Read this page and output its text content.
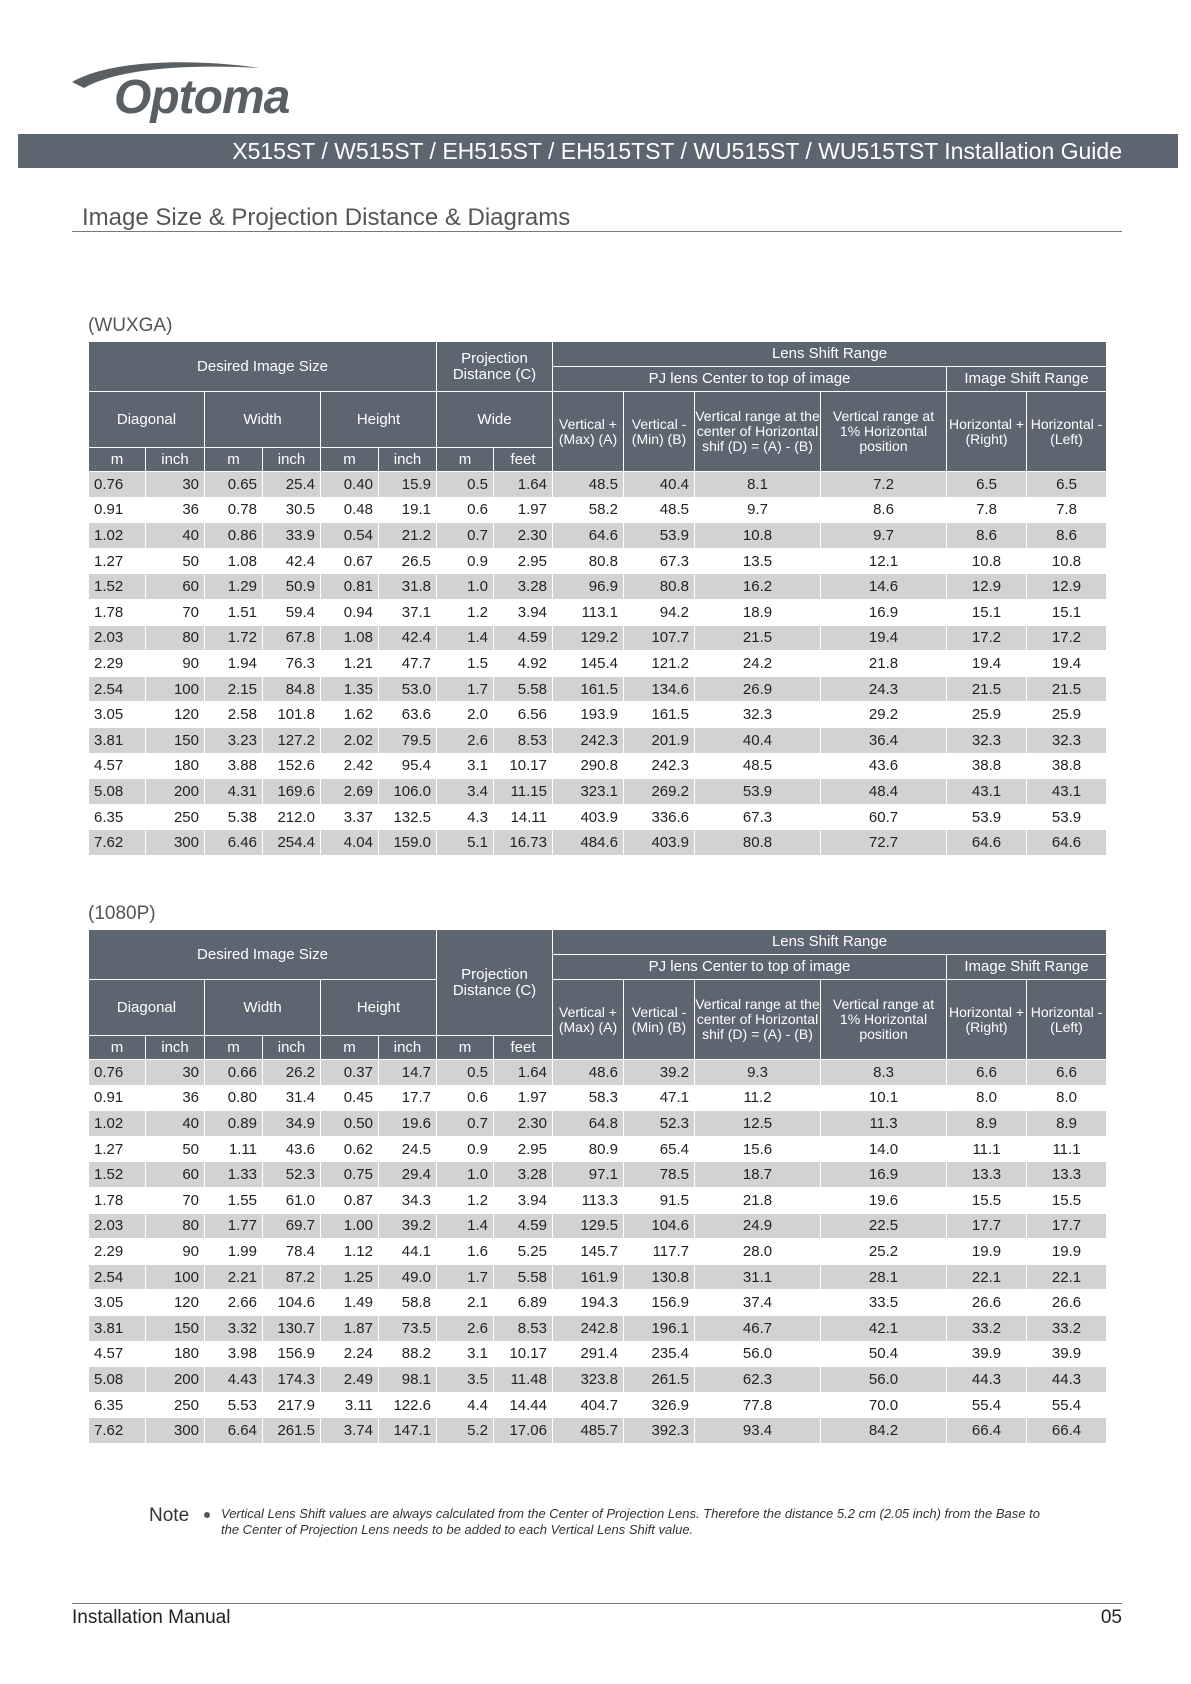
Optoma
X515ST / W515ST / EH515ST / EH515TST / WU515ST / WU515TST Installation Guide
Image Size & Projection Distance & Diagrams
(WUXGA)
Desired Image Size						Projection Distance (C)		Lens Shift Range					
								PJ lens Center to top of image				Image Shift Range	
Diagonal		Width		Height		Wide		Vertical + (Max) (A)	Vertical - (Min) (B)	Vertical range at the center of Horizontal shif (D) = (A) - (B)	Vertical range at 1% Horizontal position	Horizontal +(Right)	Horizontal -(Left)
m	inch	m	inch	m	inch	m	feet						
0.76	30	0.65	25.4	0.40	15.9	0.5	1.64	48.5	40.4	8.1	7.2	6.5	6.5
0.91	36	0.78	30.5	0.48	19.1	0.6	1.97	58.2	48.5	9.7	8.6	7.8	7.8
1.02	40	0.86	33.9	0.54	21.2	0.7	2.30	64.6	53.9	10.8	9.7	8.6	8.6
1.27	50	1.08	42.4	0.67	26.5	0.9	2.95	80.8	67.3	13.5	12.1	10.8	10.8
1.52	60	1.29	50.9	0.81	31.8	1.0	3.28	96.9	80.8	16.2	14.6	12.9	12.9
1.78	70	1.51	59.4	0.94	37.1	1.2	3.94	113.1	94.2	18.9	16.9	15.1	15.1
2.03	80	1.72	67.8	1.08	42.4	1.4	4.59	129.2	107.7	21.5	19.4	17.2	17.2
2.29	90	1.94	76.3	1.21	47.7	1.5	4.92	145.4	121.2	24.2	21.8	19.4	19.4
2.54	100	2.15	84.8	1.35	53.0	1.7	5.58	161.5	134.6	26.9	24.3	21.5	21.5
3.05	120	2.58	101.8	1.62	63.6	2.0	6.56	193.9	161.5	32.3	29.2	25.9	25.9
3.81	150	3.23	127.2	2.02	79.5	2.6	8.53	242.3	201.9	40.4	36.4	32.3	32.3
4.57	180	3.88	152.6	2.42	95.4	3.1	10.17	290.8	242.3	48.5	43.6	38.8	38.8
5.08	200	4.31	169.6	2.69	106.0	3.4	11.15	323.1	269.2	53.9	48.4	43.1	43.1
6.35	250	5.38	212.0	3.37	132.5	4.3	14.11	403.9	336.6	67.3	60.7	53.9	53.9
7.62	300	6.46	254.4	4.04	159.0	5.1	16.73	484.6	403.9	80.8	72.7	64.6	64.6
(1080P)
Desired Image Size						Projection Distance (C)		Lens Shift Range					
								PJ lens Center to top of image				Image Shift Range	
Diagonal		Width		Height				Vertical + (Max) (A)	Vertical - (Min) (B)	Vertical range at the center of Horizontal shif (D) = (A) - (B)	Vertical range at 1% Horizontal position	Horizontal +(Right)	Horizontal -(Left)
m	inch	m	inch	m	inch	m	feet						
0.76	30	0.66	26.2	0.37	14.7	0.5	1.64	48.6	39.2	9.3	8.3	6.6	6.6
0.91	36	0.80	31.4	0.45	17.7	0.6	1.97	58.3	47.1	11.2	10.1	8.0	8.0
1.02	40	0.89	34.9	0.50	19.6	0.7	2.30	64.8	52.3	12.5	11.3	8.9	8.9
1.27	50	1.11	43.6	0.62	24.5	0.9	2.95	80.9	65.4	15.6	14.0	11.1	11.1
1.52	60	1.33	52.3	0.75	29.4	1.0	3.28	97.1	78.5	18.7	16.9	13.3	13.3
1.78	70	1.55	61.0	0.87	34.3	1.2	3.94	113.3	91.5	21.8	19.6	15.5	15.5
2.03	80	1.77	69.7	1.00	39.2	1.4	4.59	129.5	104.6	24.9	22.5	17.7	17.7
2.29	90	1.99	78.4	1.12	44.1	1.6	5.25	145.7	117.7	28.0	25.2	19.9	19.9
2.54	100	2.21	87.2	1.25	49.0	1.7	5.58	161.9	130.8	31.1	28.1	22.1	22.1
3.05	120	2.66	104.6	1.49	58.8	2.1	6.89	194.3	156.9	37.4	33.5	26.6	26.6
3.81	150	3.32	130.7	1.87	73.5	2.6	8.53	242.8	196.1	46.7	42.1	33.2	33.2
4.57	180	3.98	156.9	2.24	88.2	3.1	10.17	291.4	235.4	56.0	50.4	39.9	39.9
5.08	200	4.43	174.3	2.49	98.1	3.5	11.48	323.8	261.5	62.3	56.0	44.3	44.3
6.35	250	5.53	217.9	3.11	122.6	4.4	14.44	404.7	326.9	77.8	70.0	55.4	55.4
7.62	300	6.64	261.5	3.74	147.1	5.2	17.06	485.7	392.3	93.4	84.2	66.4	66.4
Note Vertical Lens Shift values are always calculated from the Center of Projection Lens. Therefore the distance 5.2 cm (2.05 inch) from the Base to the Center of Projection Lens needs to be added to each Vertical Lens Shift value.
Installation Manual	05
